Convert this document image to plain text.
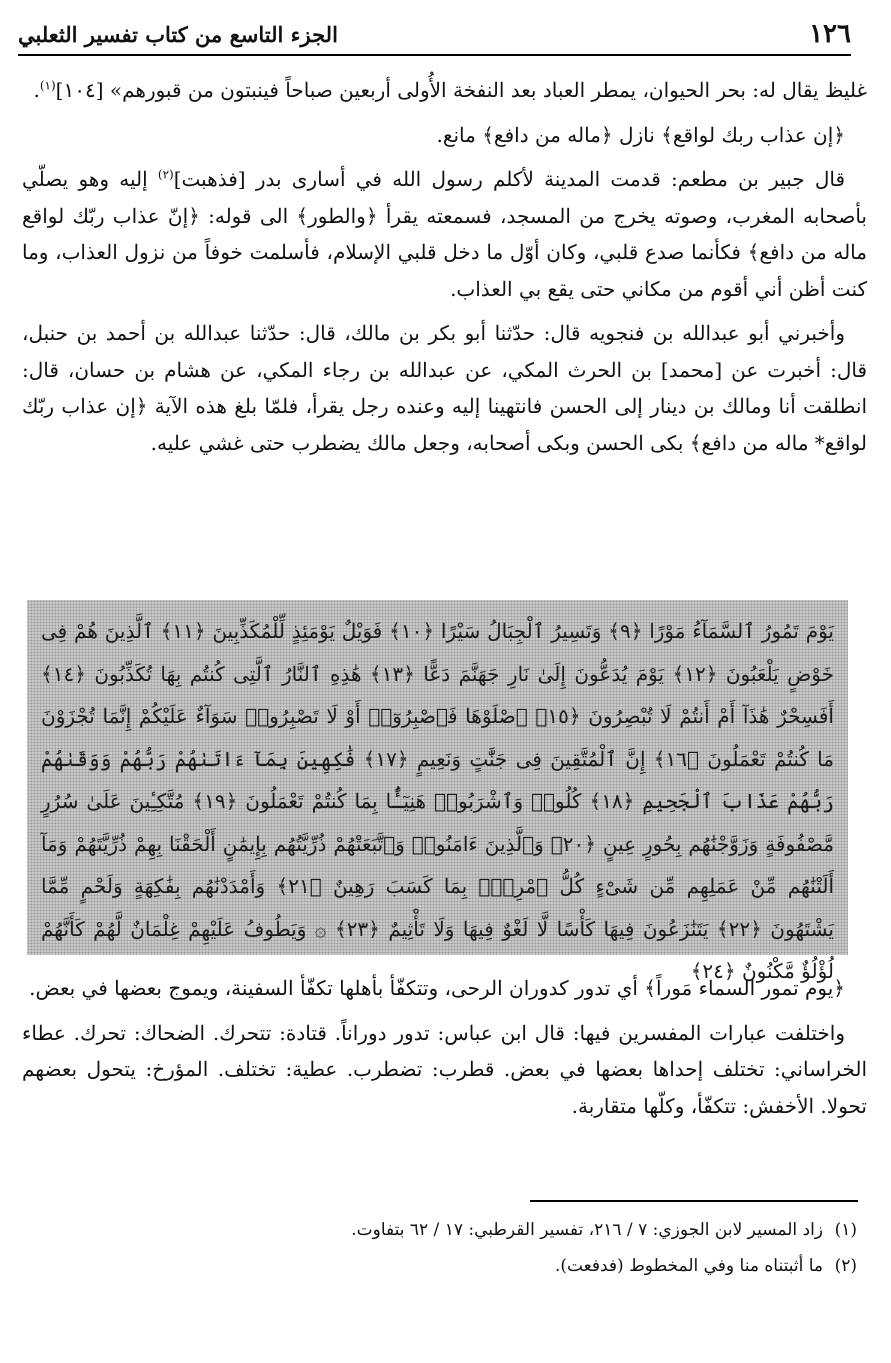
١٢٦
الجزء التاسع من كتاب تفسير الثعلبي

غليظ يقال له: بحر الحيوان، يمطر العباد بعد النفخة الأُولى أربعين صباحاً فينبتون من قبورهم» [١٠٤]$^{(١)}$.

﴿إن عذاب ربك لواقع﴾ نازل ﴿ماله من دافع﴾ مانع.

قال جبير بن مطعم: قدمت المدينة لأكلم رسول الله في أسارى بدر [فذهبت]$^{(٢)}$ إليه وهو يصلّي بأصحابه المغرب، وصوته يخرج من المسجد، فسمعته يقرأ ﴿والطور﴾ الى قوله: ﴿إنّ عذاب ربّك لواقع ماله من دافع﴾ فكأنما صدع قلبي، وكان أوّل ما دخل قلبي الإسلام، فأسلمت خوفاً من نزول العذاب، وما كنت أظن أني أقوم من مكاني حتى يقع بي العذاب.

وأخبرني أبو عبدالله بن فنجويه قال: حدّثنا أبو بكر بن مالك، قال: حدّثنا عبدالله بن أحمد بن حنبل، قال: أخبرت عن [محمد] بن الحرث المكي، عن عبدالله بن رجاء المكي، عن هشام بن حسان، قال: انطلقت أنا ومالك بن دينار إلى الحسن فانتهينا إليه وعنده رجل يقرأ، فلمّا بلغ هذه الآية ﴿إن عذاب ربّك لواقع* ماله من دافع﴾ بكى الحسن وبكى أصحابه، وجعل مالك يضطرب حتى غشي عليه.

يَوْمَ تَمُورُ ٱلسَّمَآءُ مَوْرًا ﴿٩﴾ وَتَسِيرُ ٱلْجِبَالُ سَيْرًا ﴿١٠﴾ فَوَيْلٌ يَوْمَئِذٍ لِّلْمُكَذِّبِينَ ﴿١١﴾ ٱلَّذِينَ هُمْ فِى خَوْضٍ يَلْعَبُونَ ﴿١٢﴾ يَوْمَ يُدَعُّونَ إِلَىٰ نَارِ جَهَنَّمَ دَعًّا ﴿١٣﴾ هَٰذِهِ ٱلنَّارُ ٱلَّتِى كُنتُم بِهَا تُكَذِّبُونَ ﴿١٤﴾ أَفَسِحْرٌ هَٰذَآ أَمْ أَنتُمْ لَا تُبْصِرُونَ ﴿١٥﴾ ٱصْلَوْهَا فَٱصْبِرُوٓا۟ أَوْ لَا تَصْبِرُوا۟ سَوَآءٌ عَلَيْكُمْ إِنَّمَا تُجْزَوْنَ مَا كُنتُمْ تَعْمَلُونَ ﴿١٦﴾ إِنَّ ٱلْمُتَّقِينَ فِى جَنَّٰتٍ وَنَعِيمٍ ﴿١٧﴾ فَٰكِهِينَ بِمَآ ءَاتَىٰهُمْ رَبُّهُمْ وَوَقَىٰهُمْ رَبُّهُمْ عَذَابَ ٱلْجَحِيمِ ﴿١٨﴾ كُلُوا۟ وَٱشْرَبُوا۟ هَنِيٓـًٔۢا بِمَا كُنتُمْ تَعْمَلُونَ ﴿١٩﴾ مُتَّكِـِٔينَ عَلَىٰ سُرُرٍ مَّصْفُوفَةٍ وَزَوَّجْنَٰهُم بِحُورٍ عِينٍ ﴿٢٠﴾ وَٱلَّذِينَ ءَامَنُوا۟ وَٱتَّبَعَتْهُمْ ذُرِّيَّتُهُم بِإِيمَٰنٍ أَلْحَقْنَا بِهِمْ ذُرِّيَّتَهُمْ وَمَآ أَلَتْنَٰهُم مِّنْ عَمَلِهِم مِّن شَىْءٍ كُلُّ ٱمْرِئٍۭ بِمَا كَسَبَ رَهِينٌ ﴿٢١﴾ وَأَمْدَدْنَٰهُم بِفَٰكِهَةٍ وَلَحْمٍ مِّمَّا يَشْتَهُونَ ﴿٢٢﴾ يَتَنَٰزَعُونَ فِيهَا كَأْسًا لَّا لَغْوٌ فِيهَا وَلَا تَأْثِيمٌ ﴿٢٣﴾ ۞ وَيَطُوفُ عَلَيْهِمْ غِلْمَانٌ لَّهُمْ كَأَنَّهُمْ لُؤْلُؤٌ مَّكْنُونٌ ﴿٢٤﴾

﴿يوم تمور السماء مَوراً﴾ أي تدور كدوران الرحى، وتتكفّأ بأهلها تكفّأ السفينة، ويموج بعضها في بعض.

واختلفت عبارات المفسرين فيها: قال ابن عباس: تدور دوراناً. قتادة: تتحرك. الضحاك: تحرك. عطاء الخراساني: تختلف إحداها بعضها في بعض. قطرب: تضطرب. عطية: تختلف. المؤرخ: يتحول بعضهم تحولا. الأخفش: تتكفّأ، وكلّها متقاربة.

(١)زاد المسير لابن الجوزي: ٧ / ٢١٦، تفسير القرطبي: ١٧ / ٦٢ بتفاوت.
(٢)ما أثبتناه منا وفي المخطوط (فدفعت).
